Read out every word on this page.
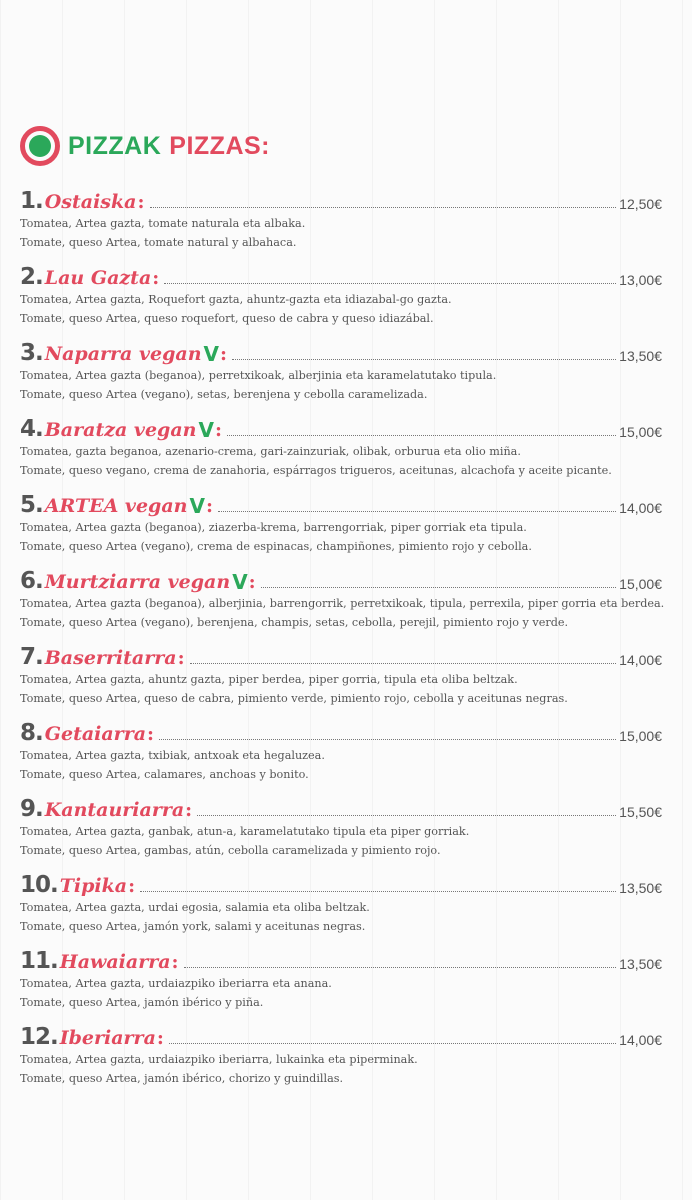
PIZZAK PIZZAS:
1. Ostaiska :	12,50€
Tomatea, Artea gazta, tomate naturala eta albaka.
Tomate, queso Artea, tomate natural y albahaca.
2. Lau Gazta :	13,00€
Tomatea, Artea gazta, Roquefort gazta, ahuntz-gazta eta idiazabal-go gazta.
Tomate, queso Artea, queso roquefort, queso de cabra y queso idiazábal.
3. Naparra vegan V :	13,50€
Tomatea, Artea gazta (beganoa), perretxikoak, alberjinia eta karamelatutako tipula.
Tomate, queso Artea (vegano), setas, berenjena y cebolla caramelizada.
4. Baratza vegan V :	15,00€
Tomatea, gazta beganoa, azenario-crema, gari-zainzuriak, olibak, orburua eta olio miña.
Tomate, queso vegano, crema de zanahoria, espárragos trigueros, aceitunas, alcachofa y aceite picante.
5. ARTEA vegan V :	14,00€
Tomatea, Artea gazta (beganoa), ziazerba-krema, barrengorriak, piper gorriak eta tipula.
Tomate, queso Artea (vegano), crema de espinacas, champiñones, pimiento rojo y cebolla.
6. Murtziarra vegan V :	15,00€
Tomatea, Artea gazta (beganoa), alberjinia, barrengorrik, perretxikoak, tipula, perrexila, piper gorria eta berdea.
Tomate, queso Artea (vegano), berenjena, champis, setas, cebolla, perejil, pimiento rojo y verde.
7. Baserritarra :	14,00€
Tomatea, Artea gazta, ahuntz gazta, piper berdea, piper gorria, tipula eta oliba beltzak.
Tomate, queso Artea, queso de cabra, pimiento verde, pimiento rojo, cebolla y aceitunas negras.
8. Getaiarra :	15,00€
Tomatea, Artea gazta, txibiak, antxoak eta hegaluzea.
Tomate, queso Artea, calamares, anchoas y bonito.
9. Kantauriarra :	15,50€
Tomatea, Artea gazta, ganbak, atun-a, karamelatutako tipula eta piper gorriak.
Tomate, queso Artea, gambas, atún, cebolla caramelizada y pimiento rojo.
10. Tipika :	13,50€
Tomatea, Artea gazta, urdai egosia, salamia eta oliba beltzak.
Tomate, queso Artea, jamón york, salami y aceitunas negras.
11. Hawaiarra :	13,50€
Tomatea, Artea gazta, urdaiazpiko iberiarra eta anana.
Tomate, queso Artea, jamón ibérico y piña.
12. Iberiarra :	14,00€
Tomatea, Artea gazta, urdaiazpiko iberiarra, lukainka eta piperminak.
Tomate, queso Artea, jamón ibérico, chorizo y guindillas.
